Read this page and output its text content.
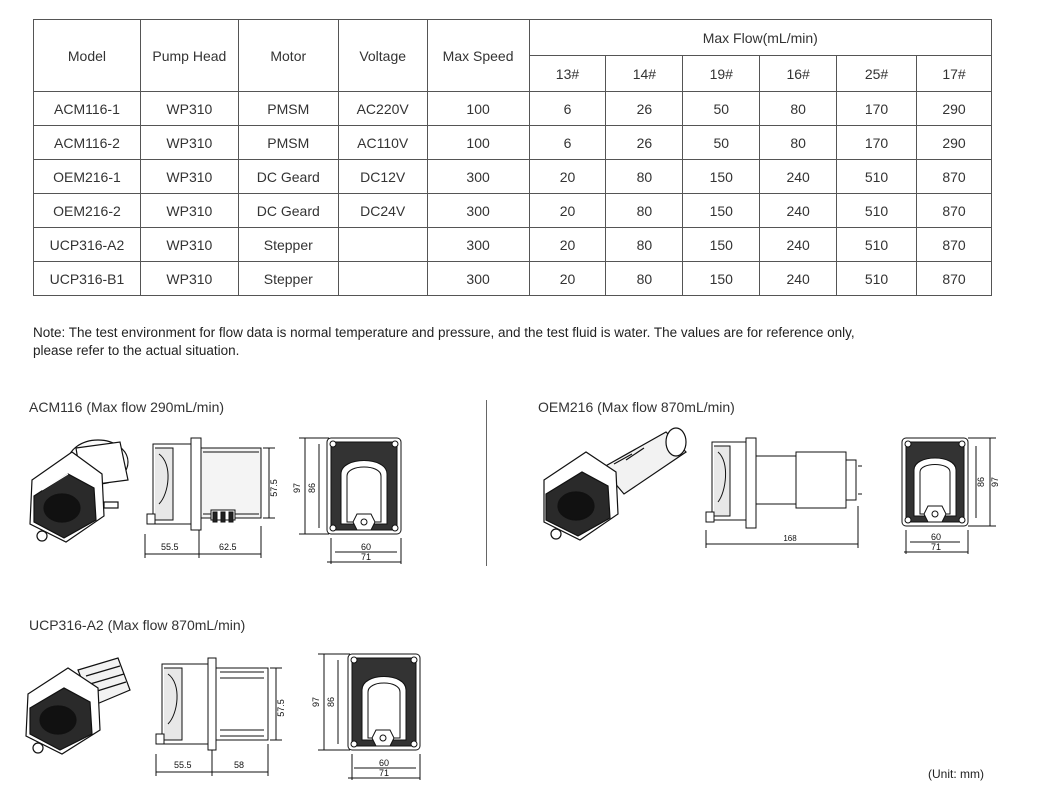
Model	Pump Head	Motor	Voltage	Max Speed	Max Flow(mL/min)					
					13#	14#	19#	16#	25#	17#
ACM116-1	WP310	PMSM	AC220V	100	6	26	50	80	170	290
ACM116-2	WP310	PMSM	AC110V	100	6	26	50	80	170	290
OEM216-1	WP310	DC Geard	DC12V	300	20	80	150	240	510	870
OEM216-2	WP310	DC Geard	DC24V	300	20	80	150	240	510	870
UCP316-A2	WP310	Stepper		300	20	80	150	240	510	870
UCP316-B1	WP310	Stepper		300	20	80	150	240	510	870
Note: The test environment for flow data is normal temperature and pressure, and the test fluid is water. The values are for reference only,
please refer to the actual situation.
ACM116 (Max flow 290mL/min)	OEM216 (Max flow 870mL/min)
UCP316-A2 (Max flow 870mL/min)
55.5	62.5
57.5 97 86
60
71
168
86 97
60
71
55.5	58
57.5	97 86
60
71	(Unit: mm)
